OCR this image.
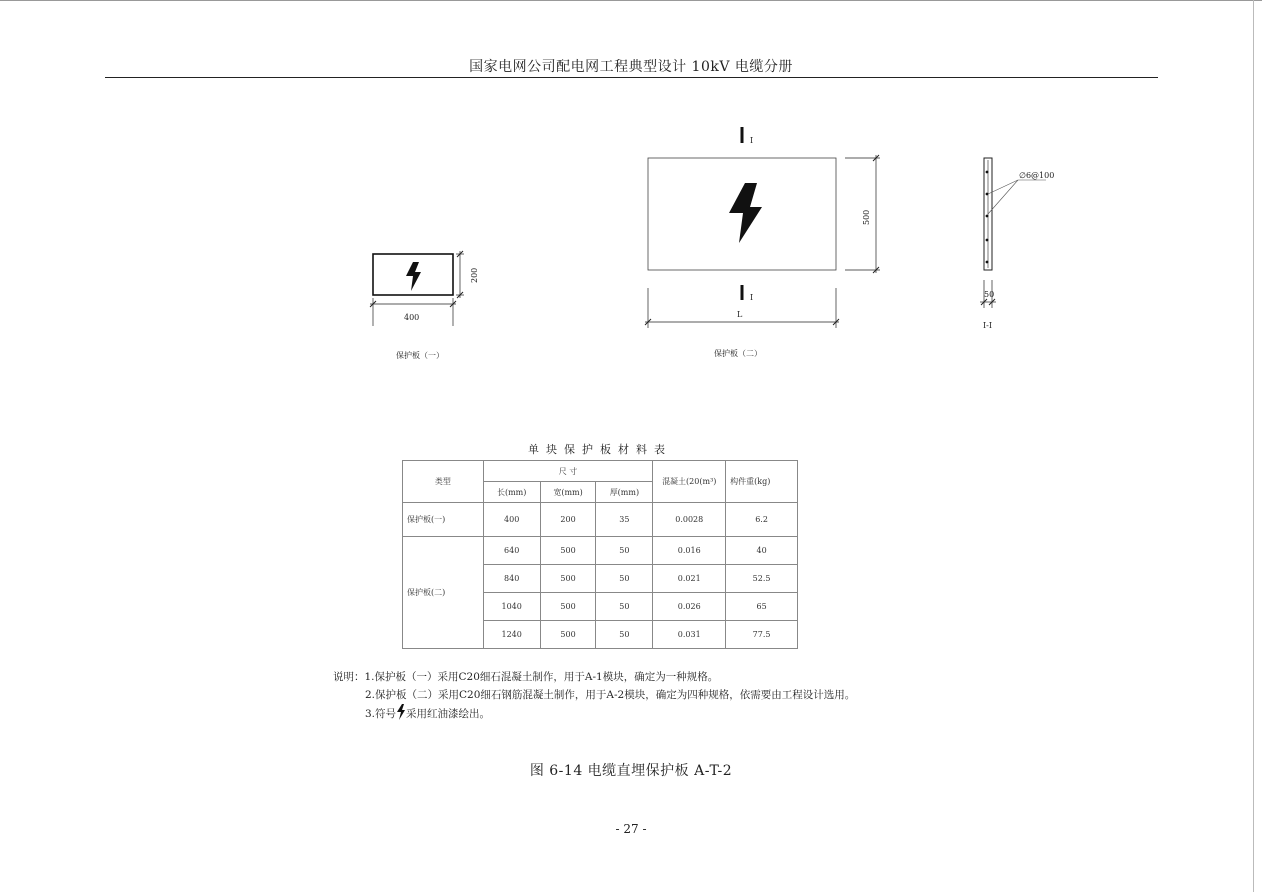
国家电网公司配电网工程典型设计 10kV 电缆分册
200
400
保护板（一）
I
I
500
L
保护板（二）
∅6@100
50
I-I
单块保护板材料表
类型	尺 寸			混凝土(20(m³)	构件重(kg)
	长(mm)	宽(mm)	厚(mm)		
保护板(一)	400	200	35	0.0028	6.2
保护板(二)	640	500	50	0.016	40
	840	500	50	0.021	52.5
	1040	500	50	0.026	65
	1240	500	50	0.031	77.5
说明：1.保护板（一）采用C20细石混凝土制作，用于A-1模块，确定为一种规格。
2.保护板（二）采用C20细石钢筋混凝土制作，用于A-2模块，确定为四种规格，依需要由工程设计选用。
3.符号 采用红油漆绘出。
图 6-14 电缆直埋保护板 A-T-2
- 27 -
